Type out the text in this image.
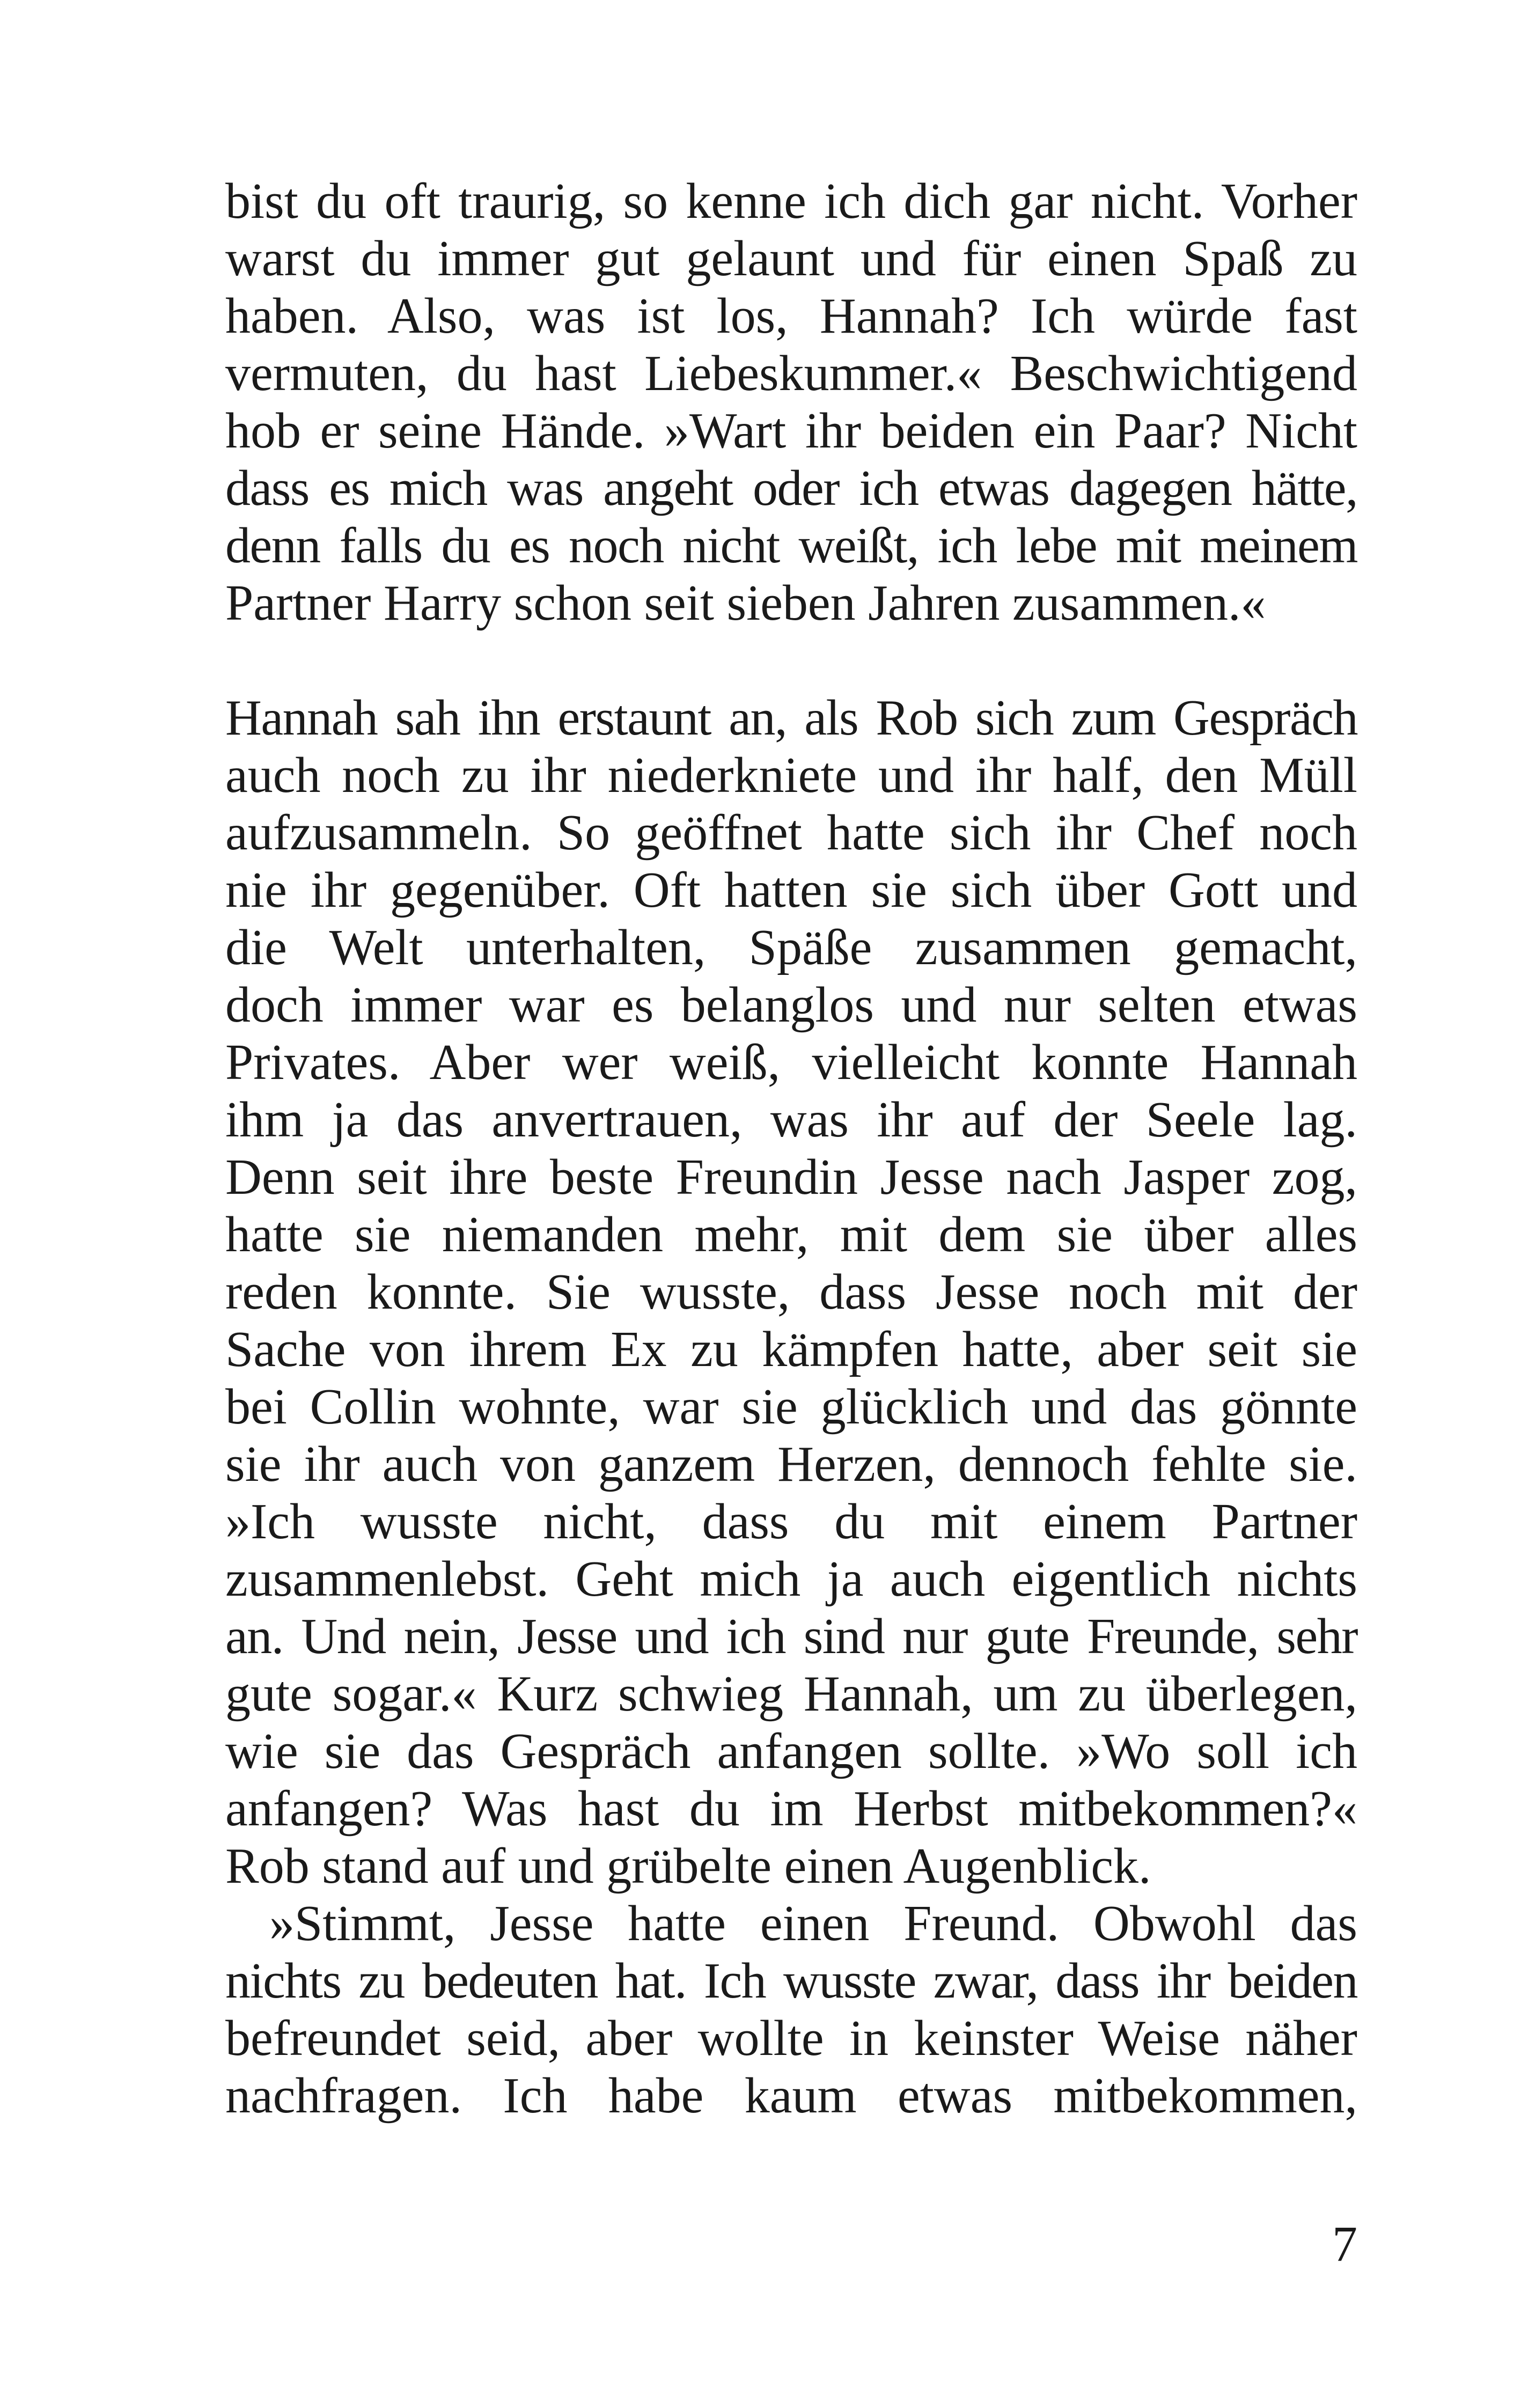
bist du oft traurig, so kenne ich dich gar nicht. Vorher
warst du immer gut gelaunt und für einen Spaß zu
haben. Also, was ist los, Hannah? Ich würde fast
vermuten, du hast Liebeskummer.« Beschwichtigend
hob er seine Hände. »Wart ihr beiden ein Paar? Nicht
dass es mich was angeht oder ich etwas dagegen hätte,
denn falls du es noch nicht weißt, ich lebe mit meinem
Partner Harry schon seit sieben Jahren zusammen.«
Hannah sah ihn erstaunt an, als Rob sich zum Gespräch
auch noch zu ihr niederkniete und ihr half, den Müll
aufzusammeln. So geöffnet hatte sich ihr Chef noch
nie ihr gegenüber. Oft hatten sie sich über Gott und
die Welt unterhalten, Späße zusammen gemacht,
doch immer war es belanglos und nur selten etwas
Privates. Aber wer weiß, vielleicht konnte Hannah
ihm ja das anvertrauen, was ihr auf der Seele lag.
Denn seit ihre beste Freundin Jesse nach Jasper zog,
hatte sie niemanden mehr, mit dem sie über alles
reden konnte. Sie wusste, dass Jesse noch mit der
Sache von ihrem Ex zu kämpfen hatte, aber seit sie
bei Collin wohnte, war sie glücklich und das gönnte
sie ihr auch von ganzem Herzen, dennoch fehlte sie.
»Ich wusste nicht, dass du mit einem Partner
zusammenlebst. Geht mich ja auch eigentlich nichts
an. Und nein, Jesse und ich sind nur gute Freunde, sehr
gute sogar.« Kurz schwieg Hannah, um zu überlegen,
wie sie das Gespräch anfangen sollte. »Wo soll ich
anfangen? Was hast du im Herbst mitbekommen?«
Rob stand auf und grübelte einen Augenblick.
»Stimmt, Jesse hatte einen Freund. Obwohl das
nichts zu bedeuten hat. Ich wusste zwar, dass ihr beiden
befreundet seid, aber wollte in keinster Weise näher
nachfragen. Ich habe kaum etwas mitbekommen,
7
